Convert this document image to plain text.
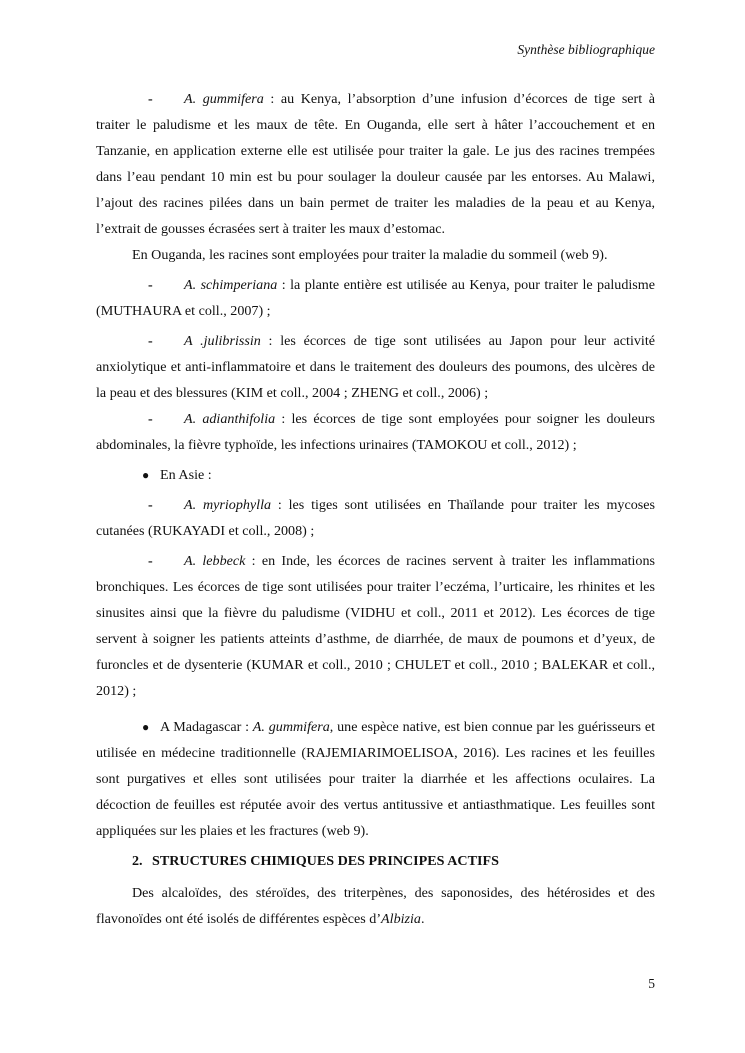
Synthèse bibliographique

- A. gummifera : au Kenya, l’absorption d’une infusion d’écorces de tige sert à traiter le paludisme et les maux de tête. En Ouganda, elle sert à hâter l’accouchement et en Tanzanie, en application externe elle est utilisée pour traiter la gale. Le jus des racines trempées dans l’eau pendant 10 min est bu pour soulager la douleur causée par les entorses. Au Malawi, l’ajout des racines pilées dans un bain permet de traiter les maladies de la peau et au Kenya, l’extrait de gousses écrasées sert à traiter les maux d’estomac.

En Ouganda, les racines sont employées pour traiter la maladie du sommeil (web 9).

- A. schimperiana : la plante entière est utilisée au Kenya, pour traiter le paludisme (MUTHAURA et coll., 2007) ;

- A .julibrissin : les écorces de tige sont utilisées au Japon pour leur activité anxiolytique et anti-inflammatoire et dans le traitement des douleurs des poumons, des ulcères de la peau et des blessures (KIM et coll., 2004 ; ZHENG et coll., 2006) ;

- A. adianthifolia : les écorces de tige sont employées pour soigner les douleurs abdominales, la fièvre typhoïde, les infections urinaires (TAMOKOU et coll., 2012) ;

● En Asie :

- A. myriophylla : les tiges sont utilisées en Thaïlande pour traiter les mycoses cutanées (RUKAYADI et coll., 2008) ;

- A. lebbeck : en Inde, les écorces de racines servent à traiter les inflammations bronchiques. Les écorces de tige sont utilisées pour traiter l’eczéma, l’urticaire, les rhinites et les sinusites ainsi que la fièvre du paludisme (VIDHU et coll., 2011 et 2012). Les écorces de tige servent à soigner les patients atteints d’asthme, de diarrhée, de maux de poumons et d’yeux, de furoncles et de dysenterie (KUMAR et coll., 2010 ; CHULET et coll., 2010 ; BALEKAR et coll., 2012) ;

● A Madagascar : A. gummifera, une espèce native, est bien connue par les guérisseurs et utilisée en médecine traditionnelle (RAJEMIARIMOELISOA, 2016). Les racines et les feuilles sont purgatives et elles sont utilisées pour traiter la diarrhée et les affections oculaires. La décoction de feuilles est réputée avoir des vertus antitussive et antiasthmatique. Les feuilles sont appliquées sur les plaies et les fractures (web 9).

2. STRUCTURES CHIMIQUES DES PRINCIPES ACTIFS

Des alcaloïdes, des stéroïdes, des triterpènes, des saponosides, des hétérosides et des flavonoïdes ont été isolés de différentes espèces d’Albizia.

5
